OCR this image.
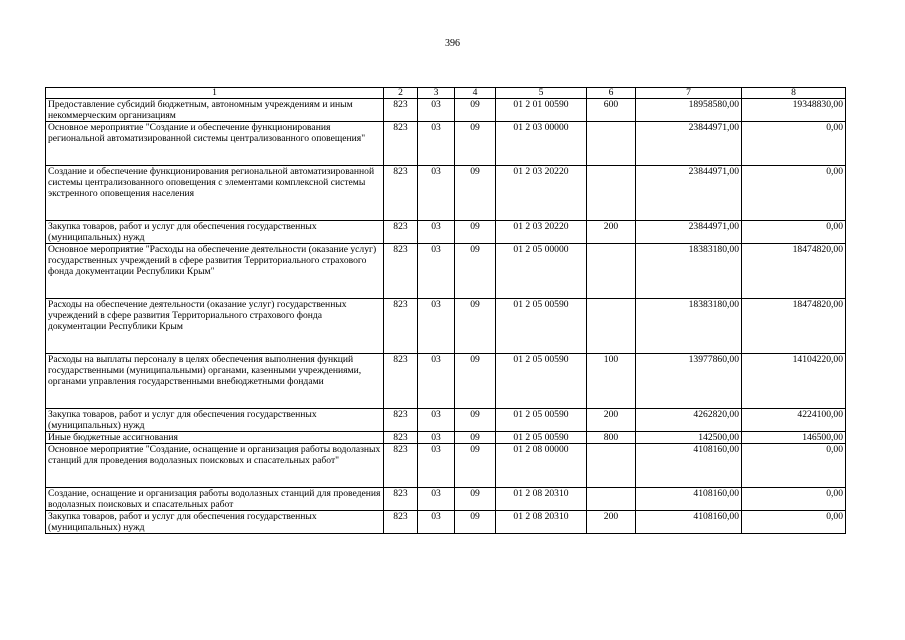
396
1	2	3	4	5	6	7	8
Предоставление субсидий бюджетным, автономным учреждениям и иным некоммерческим организациям	823	03	09	01 2 01 00590	600	18958580,00	19348830,00
Основное мероприятие "Создание и обеспечение функционирования региональной автоматизированной системы централизованного оповещения"	823	03	09	01 2 03 00000		23844971,00	0,00
Создание и обеспечение функционирования региональной автоматизированной системы централизованного оповещения с элементами комплексной системы экстренного оповещения населения	823	03	09	01 2 03 20220		23844971,00	0,00
Закупка товаров, работ и услуг для обеспечения государственных (муниципальных) нужд	823	03	09	01 2 03 20220	200	23844971,00	0,00
Основное мероприятие "Расходы на обеспечение деятельности (оказание услуг) государственных учреждений в сфере развития Территориального страхового фонда документации Республики Крым"	823	03	09	01 2 05 00000		18383180,00	18474820,00
Расходы на обеспечение деятельности (оказание услуг) государственных учреждений в сфере развития Территориального страхового фонда документации Республики Крым	823	03	09	01 2 05 00590		18383180,00	18474820,00
Расходы на выплаты персоналу в целях обеспечения выполнения функций государственными (муниципальными) органами, казенными учреждениями, органами управления государственными внебюджетными фондами	823	03	09	01 2 05 00590	100	13977860,00	14104220,00
Закупка товаров, работ и услуг для обеспечения государственных (муниципальных) нужд	823	03	09	01 2 05 00590	200	4262820,00	4224100,00
Иные бюджетные ассигнования	823	03	09	01 2 05 00590	800	142500,00	146500,00
Основное мероприятие "Создание, оснащение и организация работы водолазных станций для проведения водолазных поисковых и спасательных работ"	823	03	09	01 2 08 00000		4108160,00	0,00
Создание, оснащение и организация работы водолазных станций для проведения водолазных поисковых и спасательных работ	823	03	09	01 2 08 20310		4108160,00	0,00
Закупка товаров, работ и услуг для обеспечения государственных (муниципальных) нужд	823	03	09	01 2 08 20310	200	4108160,00	0,00
